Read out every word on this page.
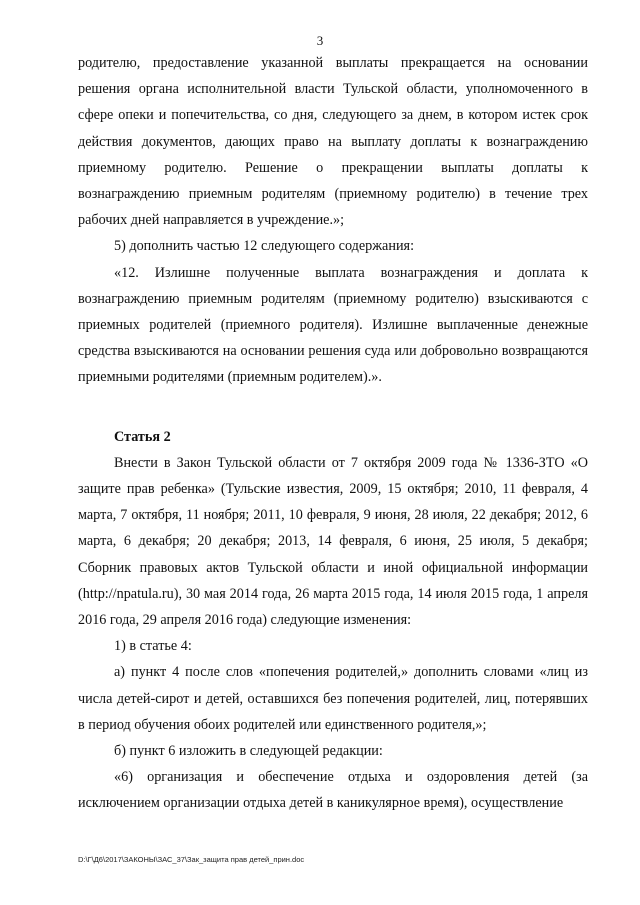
3

родителю, предоставление указанной выплаты прекращается на основании решения органа исполнительной власти Тульской области, уполномоченного в сфере опеки и попечительства, со дня, следующего за днем, в котором истек срок действия документов, дающих право на выплату доплаты к вознаграждению приемному родителю. Решение о прекращении выплаты доплаты к вознаграждению приемным родителям (приемному родителю) в течение трех рабочих дней направляется в учреждение.»;

5) дополнить частью 12 следующего содержания:

«12. Излишне полученные выплата вознаграждения и доплата к вознаграждению приемным родителям (приемному родителю) взыскиваются с приемных родителей (приемного родителя). Излишне выплаченные денежные средства взыскиваются на основании решения суда или добровольно возвращаются приемными родителями (приемным родителем).».

Статья 2

Внести в Закон Тульской области от 7 октября 2009 года № 1336-ЗТО «О защите прав ребенка» (Тульские известия, 2009, 15 октября; 2010, 11 февраля, 4 марта, 7 октября, 11 ноября; 2011, 10 февраля, 9 июня, 28 июля, 22 декабря; 2012, 6 марта, 6 декабря; 20 декабря; 2013, 14 февраля, 6 июня, 25 июля, 5 декабря; Сборник правовых актов Тульской области и иной официальной информации (http://npatula.ru), 30 мая 2014 года, 26 марта 2015 года, 14 июля 2015 года, 1 апреля 2016 года, 29 апреля 2016 года) следующие изменения:

1) в статье 4:

а) пункт 4 после слов «попечения родителей,» дополнить словами «лиц из числа детей-сирот и детей, оставшихся без попечения родителей, лиц, потерявших в период обучения обоих родителей или единственного родителя,»;

б) пункт 6 изложить в следующей редакции:

«6) организация и обеспечение отдыха и оздоровления детей (за исключением организации отдыха детей в каникулярное время), осуществление

D:\Г\Д6\2017\ЗАКОНЫ\ЗАС_37\Зак_защита прав детей_прин.doc
